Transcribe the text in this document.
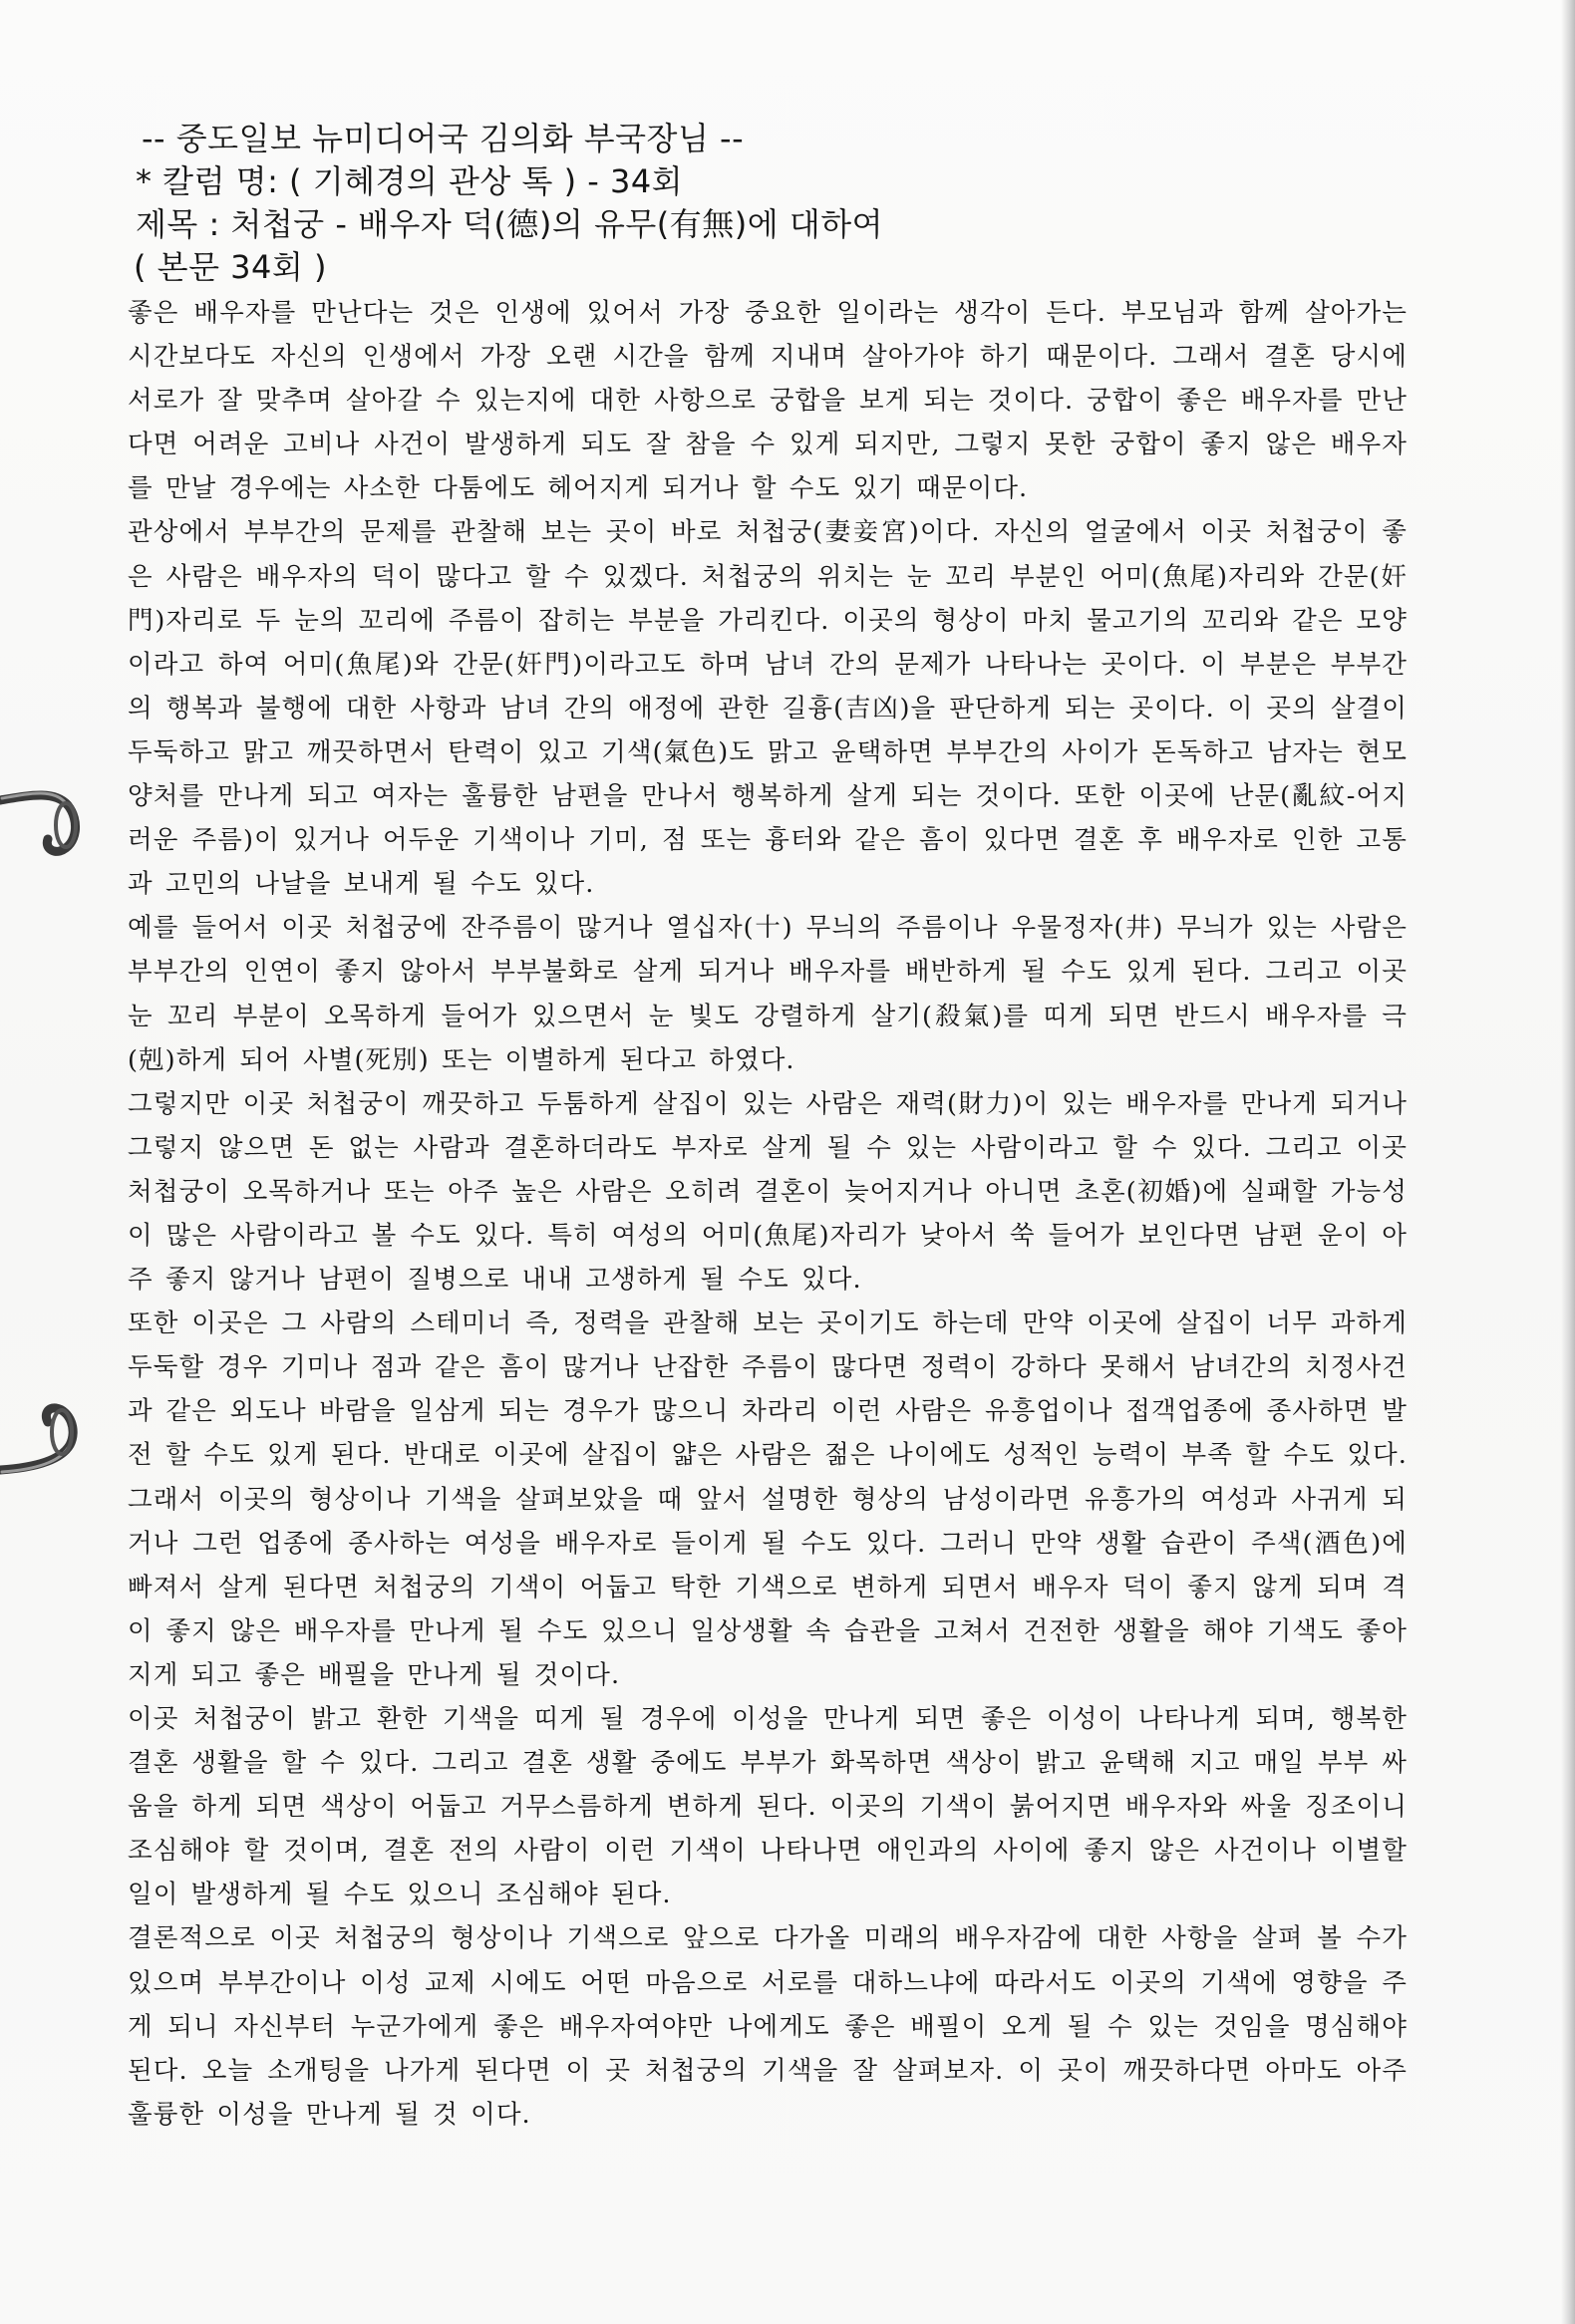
-- 중도일보 뉴미디어국 김의화 부국장님 --

* 칼럼 명: ( 기혜경의 관상 톡 ) - 34회

제목 : 처첩궁 - 배우자 덕(德)의 유무(有無)에 대하여

( 본문 34회 )

좋은 배우자를 만난다는 것은 인생에 있어서 가장 중요한 일이라는 생각이 든다. 부모님과 함께 살아가는 시간보다도 자신의 인생에서 가장 오랜 시간을 함께 지내며 살아가야 하기 때문이다. 그래서 결혼 당시에 서로가 잘 맞추며 살아갈 수 있는지에 대한 사항으로 궁합을 보게 되는 것이다. 궁합이 좋은 배우자를 만난다면 어려운 고비나 사건이 발생하게 되도 잘 참을 수 있게 되지만, 그렇지 못한 궁합이 좋지 않은 배우자를 만날 경우에는 사소한 다툼에도 헤어지게 되거나 할 수도 있기 때문이다.

관상에서 부부간의 문제를 관찰해 보는 곳이 바로 처첩궁(妻妾宮)이다. 자신의 얼굴에서 이곳 처첩궁이 좋은 사람은 배우자의 덕이 많다고 할 수 있겠다. 처첩궁의 위치는 눈 꼬리 부분인 어미(魚尾)자리와 간문(奸門)자리로 두 눈의 꼬리에 주름이 잡히는 부분을 가리킨다. 이곳의 형상이 마치 물고기의 꼬리와 같은 모양이라고 하여 어미(魚尾)와 간문(奸門)이라고도 하며 남녀 간의 문제가 나타나는 곳이다. 이 부분은 부부간의 행복과 불행에 대한 사항과 남녀 간의 애정에 관한 길흉(吉凶)을 판단하게 되는 곳이다. 이 곳의 살결이 두둑하고 맑고 깨끗하면서 탄력이 있고 기색(氣色)도 맑고 윤택하면 부부간의 사이가 돈독하고 남자는 현모양처를 만나게 되고 여자는 훌륭한 남편을 만나서 행복하게 살게 되는 것이다. 또한 이곳에 난문(亂紋-어지러운 주름)이 있거나 어두운 기색이나 기미, 점 또는 흉터와 같은 흠이 있다면 결혼 후 배우자로 인한 고통과 고민의 나날을 보내게 될 수도 있다.

예를 들어서 이곳 처첩궁에 잔주름이 많거나 열십자(十) 무늬의 주름이나 우물정자(井) 무늬가 있는 사람은 부부간의 인연이 좋지 않아서 부부불화로 살게 되거나 배우자를 배반하게 될 수도 있게 된다. 그리고 이곳 눈 꼬리 부분이 오목하게 들어가 있으면서 눈 빛도 강렬하게 살기(殺氣)를 띠게 되면 반드시 배우자를 극(剋)하게 되어 사별(死別) 또는 이별하게 된다고 하였다.

그렇지만 이곳 처첩궁이 깨끗하고 두툼하게 살집이 있는 사람은 재력(財力)이 있는 배우자를 만나게 되거나 그렇지 않으면 돈 없는 사람과 결혼하더라도 부자로 살게 될 수 있는 사람이라고 할 수 있다. 그리고 이곳 처첩궁이 오목하거나 또는 아주 높은 사람은 오히려 결혼이 늦어지거나 아니면 초혼(初婚)에 실패할 가능성이 많은 사람이라고 볼 수도 있다. 특히 여성의 어미(魚尾)자리가 낮아서 쑥 들어가 보인다면 남편 운이 아주 좋지 않거나 남편이 질병으로 내내 고생하게 될 수도 있다.

또한 이곳은 그 사람의 스테미너 즉, 정력을 관찰해 보는 곳이기도 하는데 만약 이곳에 살집이 너무 과하게 두둑할 경우 기미나 점과 같은 흠이 많거나 난잡한 주름이 많다면 정력이 강하다 못해서 남녀간의 치정사건과 같은 외도나 바람을 일삼게 되는 경우가 많으니 차라리 이런 사람은 유흥업이나 접객업종에 종사하면 발전 할 수도 있게 된다. 반대로 이곳에 살집이 얇은 사람은 젊은 나이에도 성적인 능력이 부족 할 수도 있다. 그래서 이곳의 형상이나 기색을 살펴보았을 때 앞서 설명한 형상의 남성이라면 유흥가의 여성과 사귀게 되거나 그런 업종에 종사하는 여성을 배우자로 들이게 될 수도 있다. 그러니 만약 생활 습관이 주색(酒色)에 빠져서 살게 된다면 처첩궁의 기색이 어둡고 탁한 기색으로 변하게 되면서 배우자 덕이 좋지 않게 되며 격이 좋지 않은 배우자를 만나게 될 수도 있으니 일상생활 속 습관을 고쳐서 건전한 생활을 해야 기색도 좋아지게 되고 좋은 배필을 만나게 될 것이다.

이곳 처첩궁이 밝고 환한 기색을 띠게 될 경우에 이성을 만나게 되면 좋은 이성이 나타나게 되며, 행복한 결혼 생활을 할 수 있다. 그리고 결혼 생활 중에도 부부가 화목하면 색상이 밝고 윤택해 지고 매일 부부 싸움을 하게 되면 색상이 어둡고 거무스름하게 변하게 된다. 이곳의 기색이 붉어지면 배우자와 싸울 징조이니 조심해야 할 것이며, 결혼 전의 사람이 이런 기색이 나타나면 애인과의 사이에 좋지 않은 사건이나 이별할 일이 발생하게 될 수도 있으니 조심해야 된다.

결론적으로 이곳 처첩궁의 형상이나 기색으로 앞으로 다가올 미래의 배우자감에 대한 사항을 살펴 볼 수가 있으며 부부간이나 이성 교제 시에도 어떤 마음으로 서로를 대하느냐에 따라서도 이곳의 기색에 영향을 주게 되니 자신부터 누군가에게 좋은 배우자여야만 나에게도 좋은 배필이 오게 될 수 있는 것임을 명심해야 된다. 오늘 소개팅을 나가게 된다면 이 곳 처첩궁의 기색을 잘 살펴보자. 이 곳이 깨끗하다면 아마도 아주 훌륭한 이성을 만나게 될 것 이다.
